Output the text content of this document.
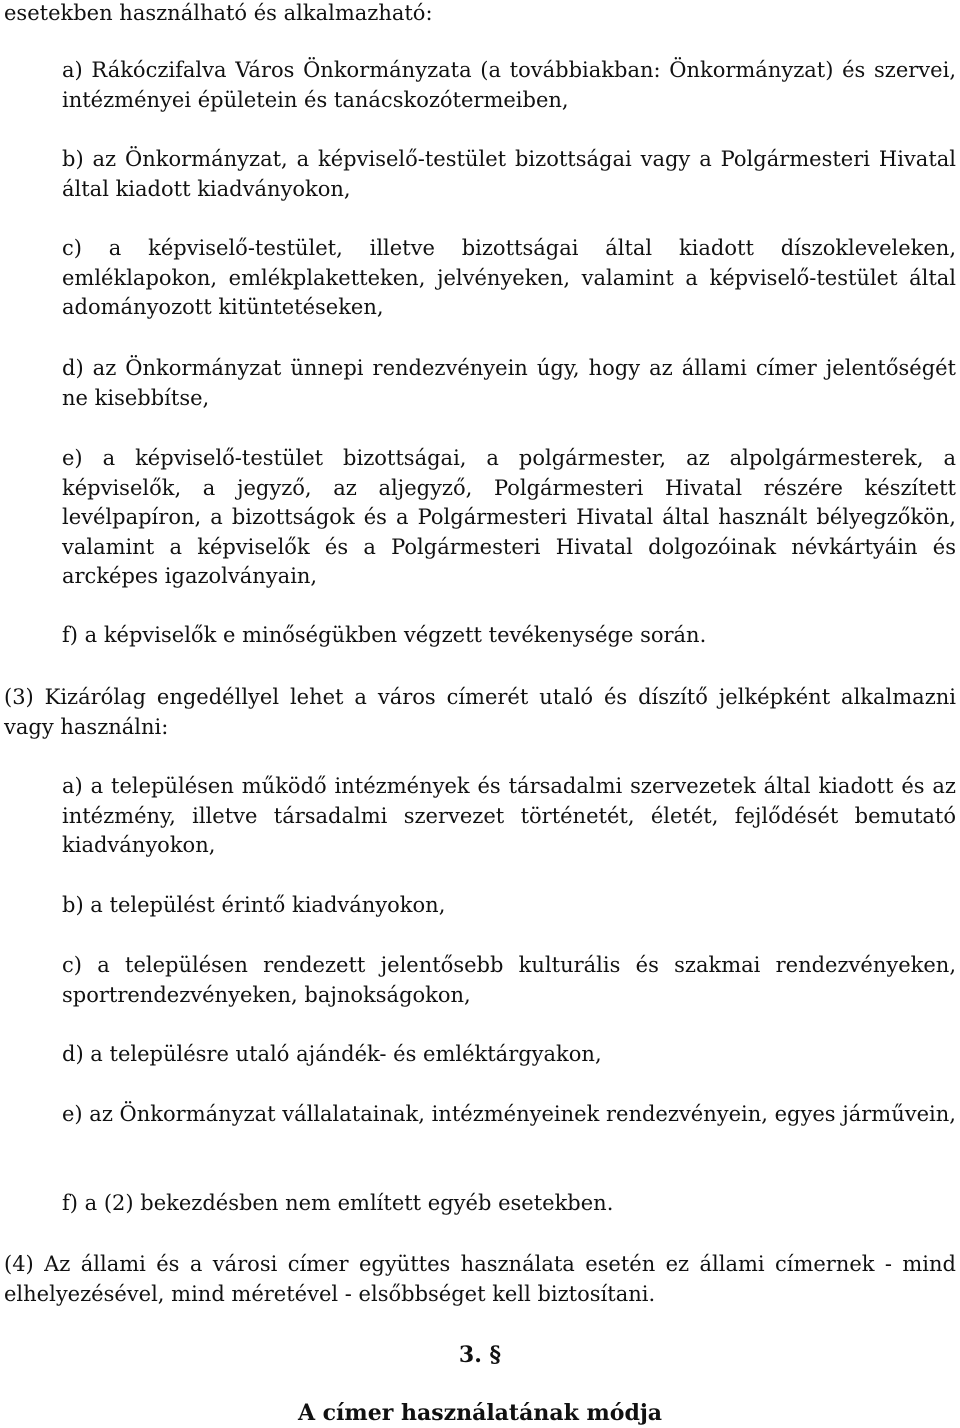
esetekben használható és alkalmazható:

a) Rákóczifalva Város Önkormányzata (a továbbiakban: Önkormányzat) és szervei, intézményei épületein és tanácskozótermeiben,

b) az Önkormányzat, a képviselő-testület bizottságai vagy a Polgármesteri Hivatal által kiadott kiadványokon,

c) a képviselő-testület, illetve bizottságai által kiadott díszokleveleken, emléklapokon, emlékplaketteken, jelvényeken, valamint a képviselő-testület által adományozott kitüntetéseken,

d) az Önkormányzat ünnepi rendezvényein úgy, hogy az állami címer jelentőségét ne kisebbítse,

e) a képviselő-testület bizottságai, a polgármester, az alpolgármesterek, a képviselők, a jegyző, az aljegyző, Polgármesteri Hivatal részére készített levélpapíron, a bizottságok és a Polgármesteri Hivatal által használt bélyegzőkön, valamint a képviselők és a Polgármesteri Hivatal dolgozóinak névkártyáin és arcképes igazolványain,

f) a képviselők e minőségükben végzett tevékenysége során.

(3) Kizárólag engedéllyel lehet a város címerét utaló és díszítő jelképként alkalmazni vagy használni:

a) a településen működő intézmények és társadalmi szervezetek által kiadott és az intézmény, illetve társadalmi szervezet történetét, életét, fejlődését bemutató kiadványokon,

b) a települést érintő kiadványokon,

c) a településen rendezett jelentősebb kulturális és szakmai rendezvényeken, sportrendezvényeken, bajnokságokon,

d) a településre utaló ajándék- és emléktárgyakon,

e) az Önkormányzat vállalatainak, intézményeinek rendezvényein, egyes járművein,

f) a (2) bekezdésben nem említett egyéb esetekben.

(4) Az állami és a városi címer együttes használata esetén ez állami címernek - mind elhelyezésével, mind méretével - elsőbbséget kell biztosítani.

3. §
A címer használatának módja
